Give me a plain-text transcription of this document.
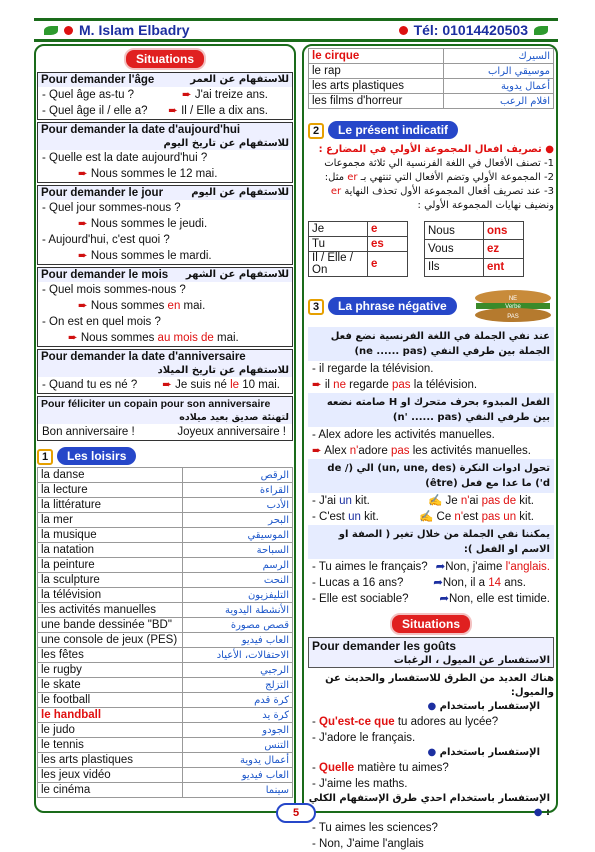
M. Islam Elbadry	Tél: 01014420503
Situations
Pour demander l'âge	للاستفهام عن العمر
- Quel âge as-tu ?	➨ J'ai treize ans.
- Quel âge il / elle a? ➨ Il / Elle a dix ans.
Pour demander la date d'aujourd'hui
للاستفهام عن تاريخ اليوم
- Quelle est la date aujourd'hui ?
➨ Nous sommes le 12 mai.
Pour demander le jour	للاستفهام عن اليوم
- Quel jour sommes-nous ?
➨ Nous sommes le jeudi.
- Aujourd'hui, c'est quoi ?
➨ Nous sommes le mardi.
Pour demander le mois للاستفهام عن الشهر
- Quel mois sommes-nous ?
➨ Nous sommes en mai.
- On est en quel mois ?
➨ Nous sommes au mois de mai.
Pour demander la date d'anniversaire
للاستفهام عن تاريخ الميلاد
- Quand tu es né ? ➨ Je suis né le 10 mai.
Pour féliciter un copain pour son anniversaire
لتهنئة صديق بعيد ميلاده
Bon anniversaire !	Joyeux anniversaire !
1 Les loisirs
la danse	الرقص
la lecture	القراءة
la littérature	الأدب
la mer	البحر
la musique	الموسيقي
la natation	السباحة
la peinture	الرسم
la sculpture	النحت
la télévision	التليفزيون
les activités manuelles	الأنشطة اليدوية
une bande dessinée "BD"	قصص مصورة
une console de jeux (PES)	العاب فيديو
les fêtes	الاحتفالات، الأعياد
le rugby	الرجبي
le skate	التزلج
le football	كرة قدم
le handball	كرة يد
le judo	الجودو
le tennis	التنس
les arts plastiques	أعمال يدوية
les jeux vidéo	العاب فيديو
le cinéma	سينما
le cirque	السيرك
le rap	موسيقي الراب
les arts plastiques	أعمال يدوية
les films d'horreur	افلام الرعب
2 Le présent indicatif
● تصريف افعال المجموعة الأولي في المضارع :
1- تصنف الأفعال في اللغة الفرنسية الي ثلاثة مجموعات
2- المجموعة الأولي وتضم الأفعال التي تنتهي بـ er مثل:
3- عند تصريف أفعال المجموعة الأول تحذف النهاية er ونضيف نهايات المجموعة الأولي :
Je	e
Tu	es
Il / Elle / On	e
Nous	ons
Vous	ez
Ils	ent
3 La phrase négative	NE
Verbe
PAS
عند نفي الجملة في اللغة الفرنسية نضع فعل الجملة بين طرفي النفي (ne ...... pas)
- il regarde la télévision.
➨ il ne regarde pas la télévision.
الفعل المبدوء بحرف متحرك او H صامته نضعه بين طرفي النفي (n' ...... pas)
- Alex adore les activités manuelles.
➨ Alex n'adore pas les activités manuelles.
تحول ادوات النكرة (un, une, des) الي (de / d') ما عدا مع فعل (être)
- J'ai un kit.	✍ Je n'ai pas de kit.
- C'est un kit.	✍ Ce n'est pas un kit.
يمكننا نفي الجملة من خلال تغير ( الصفة او الاسم او الفعل ):
- Tu aimes le français? ➦Non, j'aime l'anglais.
- Lucas a 16 ans?	➦Non, il a 14 ans.
- Elle est sociable?	➦Non, elle est timide.
Situations
Pour demander les goûts
الاستفسار عن الميول ، الرغبات
هناك العديد من الطرق للاستفسار والحديث عن والميول:
الإستفسار باستخدام ●
- Qu'est-ce que tu adores au lycée?
- J'adore le français.
الإستفسار باستخدام ●
- Quelle matière tu aimes?
- J'aime les maths.
الإستفسار باستخدام احدي طرق الإستفهام الكلي : ●
- Tu aimes les sciences?
- Non, J'aime l'anglais
5
